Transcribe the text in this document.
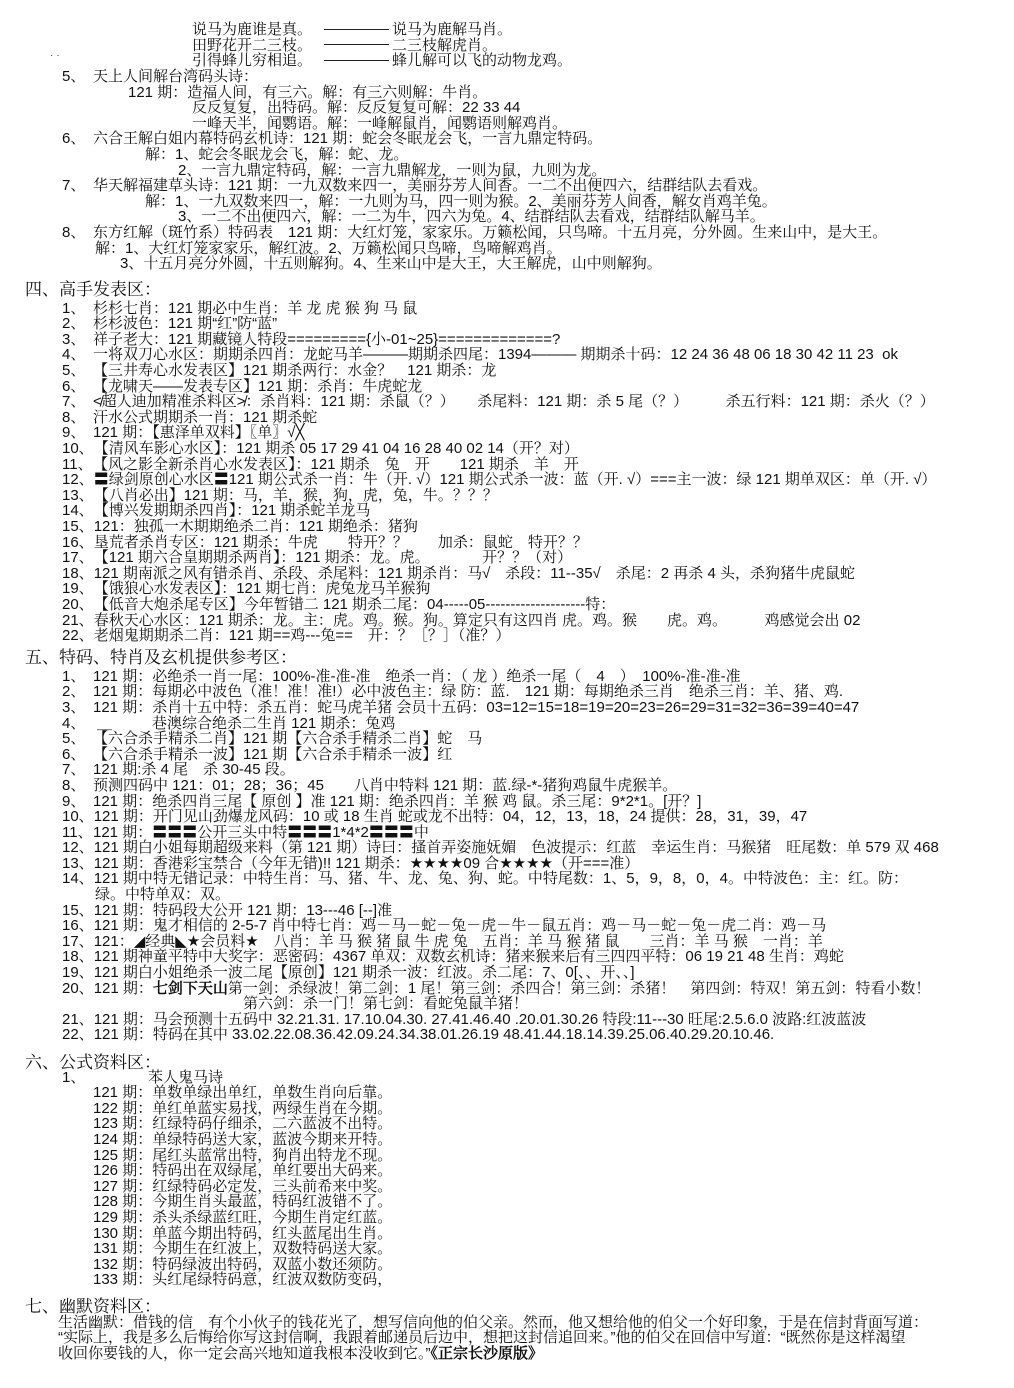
··
说马为鹿谁是真。	说马为鹿解马肖。
田野花开二三枝。	二三枝解虎肖。
引得蜂儿穷相追。	蜂儿解可以飞的动物龙鸡。
5、 天上人间解台湾码头诗：
121 期：造福人间，有三六。解：有三六则解：牛肖。
反反复复，出特码。解：反反复复可解：22 33 44
一峰天半，闻鹦语。解：一峰解鼠肖，闻鹦语则解鸡肖。
6、 六合王解白姐内幕特码玄机诗：121 期：蛇会冬眠龙会飞，一言九鼎定特码。
解：1、蛇会冬眠龙会飞，解：蛇、龙。
2、一言九鼎定特码，解：一言九鼎解龙，一则为鼠，九则为龙。
7、 华天解福建草头诗：121 期：一九双数来四一，美丽芬芳人间香。一二不出便四六，结群结队去看戏。
解：1、一九双数来四一，解：一九则为马，四一则为猴。2、美丽芬芳人间香，解女肖鸡羊兔。
3、一二不出便四六，解：一二为牛，四六为兔。4、结群结队去看戏，结群结队解马羊。
8、 东方红解（斑竹系）特码表　121 期：大红灯笼，家家乐。万籁松闻，只鸟啼。十五月亮，分外圆。生来山中，是大王。
解：1、大红灯笼家家乐，解红波。2、万籁松闻只鸟啼，鸟啼解鸡肖。
3、十五月亮分外圆，十五则解狗。4、生来山中是大王，大王解虎，山中则解狗。
四、高手发表区：
1、 杉杉七肖：121 期必中生肖：羊 龙 虎 猴 狗 马 鼠
2、 杉杉波色：121 期“红”防“蓝”
3、 祥子老大：121 期藏镜人特段========={小-01~25}=============?
4、 一将双刀心水区：期期杀四肖：龙蛇马羊———期期杀四尾：1394——— 期期杀十码：12 24 36 48 06 18 30 42 11 23  ok
5、 【三井寿心水发表区】121 期杀两行：水金？　121 期杀：龙
6、 【龙啸天——发表专区】121 期：杀肖：牛虎蛇龙
7、 ≮超人迪加精准杀料区≯：杀肖料：121 期：杀鼠（？）　　杀尾料：121 期：杀 5 尾（？）　　　杀五行料：121 期：杀火（？）
8、 汗水公式期期杀一肖：121 期杀蛇
9、 121 期：【惠泽单双料】〖单〗√╳
10、【清风车影心水区】：121 期杀 05 17 29 41 04 16 28 40 02 14（开？对）
11、【风之影全新杀肖心水发表区】：121 期杀　兔　开　　121 期杀　羊　开
12、〓绿剑原创心水区〓121 期公式杀一肖：牛（开. √）121 期公式杀一波：蓝（开. √）===主一波：绿 121 期单双区：单（开. √）
13、【八肖必出】121 期：马，羊，猴，狗，虎，兔，牛。？？？
14、【博兴发期期杀四肖】：121 期杀蛇羊龙马
15、121：独孤一木期期绝杀二肖：121 期绝杀：猪狗
16、垦荒者杀肖专区：121 期杀：牛虎　　特开？？　　加杀：鼠蛇　特开？？
17、【121 期六合皇期期杀两肖】：121 期杀：龙。虎。　　　　开？？（对）
18、121 期南派之风有错杀肖、杀段、杀尾料：121 期杀肖：马√　杀段：11--35√　杀尾：2 再杀 4 头，杀狗猪牛虎鼠蛇
19、【饿狼心水发表区】：121 期七肖：虎兔龙马羊猴狗
20、【低音大炮杀尾专区】今年暂错二 121 期杀二尾：04-----05--------------------特：
21、春秋天心水区：121 期杀：龙。主：虎。鸡。猴。狗。算定只有这四肖 虎。鸡。猴　　虎。鸡。　　　鸡感觉会出 02
22、老烟鬼期期杀二肖：121 期==鸡---兔==　开：？［？］（准？）
五、特码、特肖及玄机提供参考区：
1、 121 期：必绝杀一肖一尾：100%-准-准-准　绝杀一肖：（ 龙 ）绝杀一尾（　4　）　100%-准-准-准
2、 121 期：每期必中波色（准！准！准!）必中波色主：绿 防：蓝.　121 期：每期绝杀三肖　绝杀三肖：羊、猪、鸡.
3、 121 期：杀肖十五中特：杀五肖：蛇马虎羊猪 会员十五码：03=12=15=18=19=20=23=26=29=31=32=36=39=40=47
4、 ＿	巷澳综合绝杀二生肖 121 期杀：兔鸡
5、 【六合杀手精杀二肖】121 期【六合杀手精杀二肖】蛇　马
6、 【六合杀手精杀一波】121 期【六合杀手精杀一波】红
7、 121 期:杀 4 尾　杀 30-45 段。
8、 预测四码中 121：01；28；36；45　　八肖中特料 121 期：蓝.绿-*-猪狗鸡鼠牛虎猴羊。
9、 121 期：绝杀四肖三尾【 原创 】准 121 期：绝杀四肖：羊 猴 鸡 鼠。杀三尾：9*2*1。[开？]
10、121 期：开门见山劲爆龙风码：10 或 18 生肖 蛇或龙不出特：04，12，13，18，24 提供：28，31，39，47
11、121 期：〓〓〓公开三头中特〓〓〓1*4*2〓〓〓中
12、121 期白小姐每期超级来料（第 121 期）诗曰：搔首弄姿施妩媚　色波提示：红蓝　幸运生肖：马猴猪　旺尾数：单 579 双 468
13、121 期：香港彩宝禁合（今年无错)!! 121 期杀：★★★★09 合★★★★（开===准）
14、121 期中特无错记录：中特生肖：马、猪、牛、龙、兔、狗、蛇。中特尾数：1、5，9，8，0，4。中特波色：主：红。防：
绿。中特单双：双。
15、121 期：特码段大公开 121 期：13---46 [--]准
16、121 期：鬼才相信的 2-5-7 肖中特七肖：鸡－马－蛇－兔－虎－牛－鼠五肖：鸡－马－蛇－兔－虎二肖：鸡－马
17、121：◢经典◣★会员料★　八肖：羊 马 猴 猪 鼠 牛 虎 兔　五肖：羊 马 猴 猪 鼠　　三肖：羊 马 猴　一肖：羊
18、121 期神童平特中大奖字：恶密码：4367 单双：双数玄机诗：猪来猴来后有三四四平特：06 19 21 48 生肖：鸡蛇
19、121 期白小姐绝杀一波二尾【原创】121 期杀一波：红波。杀二尾：7、0[、、开、、]
20、121 期：七剑下天山第一剑：杀绿波！第二剑：1 尾！第三剑：杀四合！第三剑：杀猪！　第四剑：特双！第五剑：特看小数！
第六剑：杀一门！第七剑：看蛇兔鼠羊猪！
21、121 期：马会预测十五码中 32.21.31. 17.10.04.30. 27.41.46.40 .20.01.30.26 特段:11---30 旺尾:2.5.6.0 波路:红波蓝波
22、121 期：特码在其中 33.02.22.08.36.42.09.24.34.38.01.26.19 48.41.44.18.14.39.25.06.40.29.20.10.46.
六、公式资料区：
1、	苯人鬼马诗
121 期：单数单绿出单红，单数生肖向后靠。
122 期：单红单蓝实易找，两绿生肖在今期。
123 期：红绿特码仔细杀，二六蓝波不出特。
124 期：单绿特码送大家，蓝波今期来开特。
125 期：尾红头蓝常出特，狗肖出特龙不现。
126 期：特码出在双绿尾，单红要出大码来。
127 期：红绿特码必定发，三头前希来中奖。
128 期：今期生肖头最蓝，特码红波错不了。
129 期：杀头杀绿蓝红旺，今期生肖定红蓝。
130 期：单蓝今期出特码，红头蓝尾出生肖。
131 期：今期生在红波上，双数特码送大家。
132 期：特码绿波出特码，双蓝小数还须防。
133 期：头红尾绿特码意，红波双数防变码，
七、幽默资料区：
生活幽默：借钱的信　有个小伙子的钱花光了，想写信向他的伯父亲。然而，他又想给他的伯父一个好印象，于是在信封背面写道：
“实际上，我是多么后悔给你写这封信啊，我跟着邮递员后边中，想把这封信追回来。”他的伯父在回信中写道：“既然你是这样渴望
收回你要钱的人，你一定会高兴地知道我根本没收到它。”《正宗长沙原版》
